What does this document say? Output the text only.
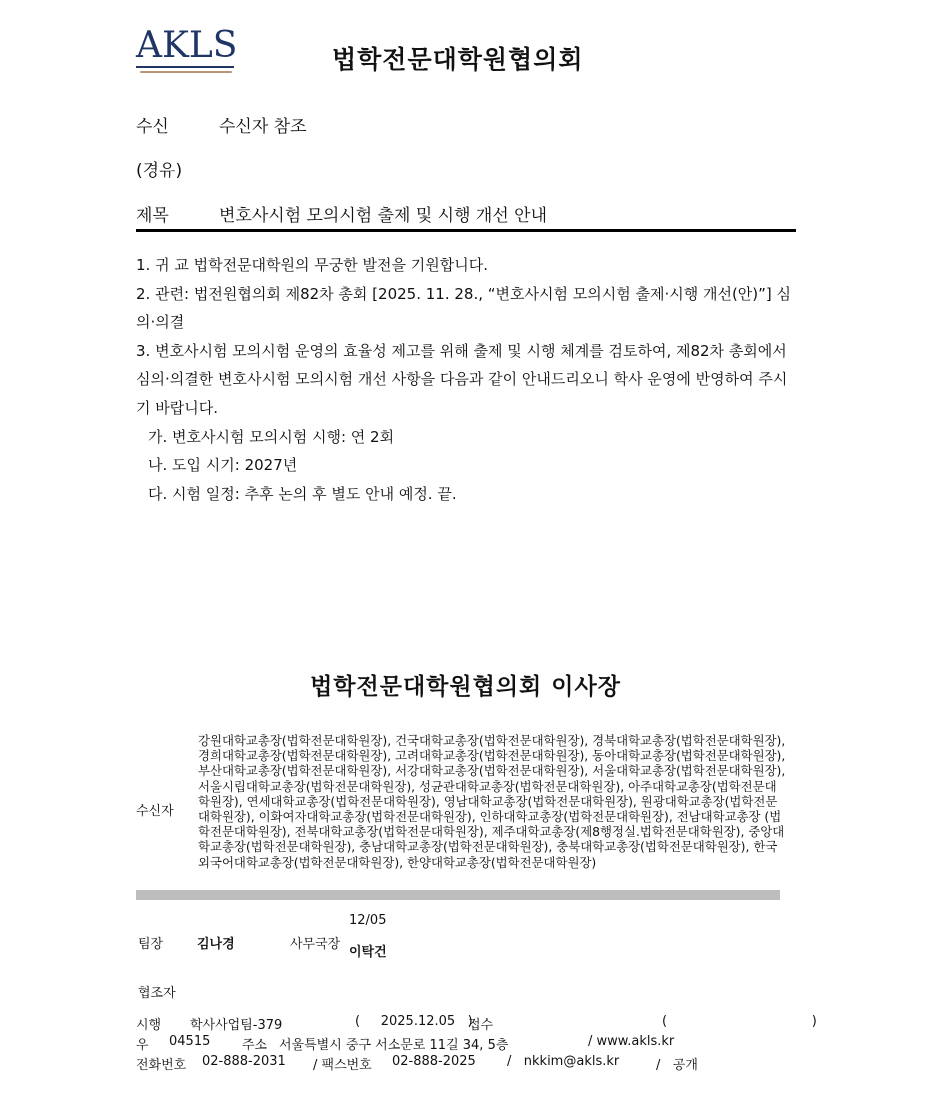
AKLS	법학전문대학원협의회
수신	수신자 참조
(경유)
제목	변호사시험 모의시험 출제 및 시행 개선 안내

1. 귀 교 법학전문대학원의 무궁한 발전을 기원합니다.

2. 관련: 법전원협의회 제82차 총회 [2025. 11. 28., “변호사시험 모의시험 출제·시행 개선(안)”] 심의·의결

3. 변호사시험 모의시험 운영의 효율성 제고를 위해 출제 및 시행 체계를 검토하여, 제82차 총회에서 심의·의결한 변호사시험 모의시험 개선 사항을 다음과 같이 안내드리오니 학사 운영에 반영하여 주시기 바랍니다.

가. 변호사시험 모의시험 시행: 연 2회

나. 도입 시기: 2027년

다. 시험 일정: 추후 논의 후 별도 안내 예정. 끝.

법학전문대학원협의회 이사장
수신자
강원대학교총장(법학전문대학원장), 건국대학교총장(법학전문대학원장), 경북대학교총장(법학전문대학원장), 경희대학교총장(법학전문대학원장), 고려대학교총장(법학전문대학원장), 동아대학교총장(법학전문대학원장), 부산대학교총장(법학전문대학원장), 서강대학교총장(법학전문대학원장), 서울대학교총장(법학전문대학원장), 서울시립대학교총장(법학전문대학원장), 성균관대학교총장(법학전문대학원장), 아주대학교총장(법학전문대학원장), 연세대학교총장(법학전문대학원장), 영남대학교총장(법학전문대학원장), 원광대학교총장(법학전문대학원장), 이화여자대학교총장(법학전문대학원장), 인하대학교총장(법학전문대학원장), 전남대학교총장 (법학전문대학원장), 전북대학교총장(법학전문대학원장), 제주대학교총장(제8행정실.법학전문대학원장), 중앙대학교총장(법학전문대학원장), 충남대학교총장(법학전문대학원장), 충북대학교총장(법학전문대학원장), 한국외국어대학교총장(법학전문대학원장), 한양대학교총장(법학전문대학원장)
팀장	김나경	사무국장
12/05
이탁건
협조자
시행 학사사업팀-379	(     2025.12.05   )
접수	(                                   )
우 04515 주소 서울특별시 중구 서소문로 11길 34, 5층	/ www.akls.kr
전화번호 02-888-2031 / 팩스번호 02-888-2025 /   nkkim@akls.kr	/   공개
